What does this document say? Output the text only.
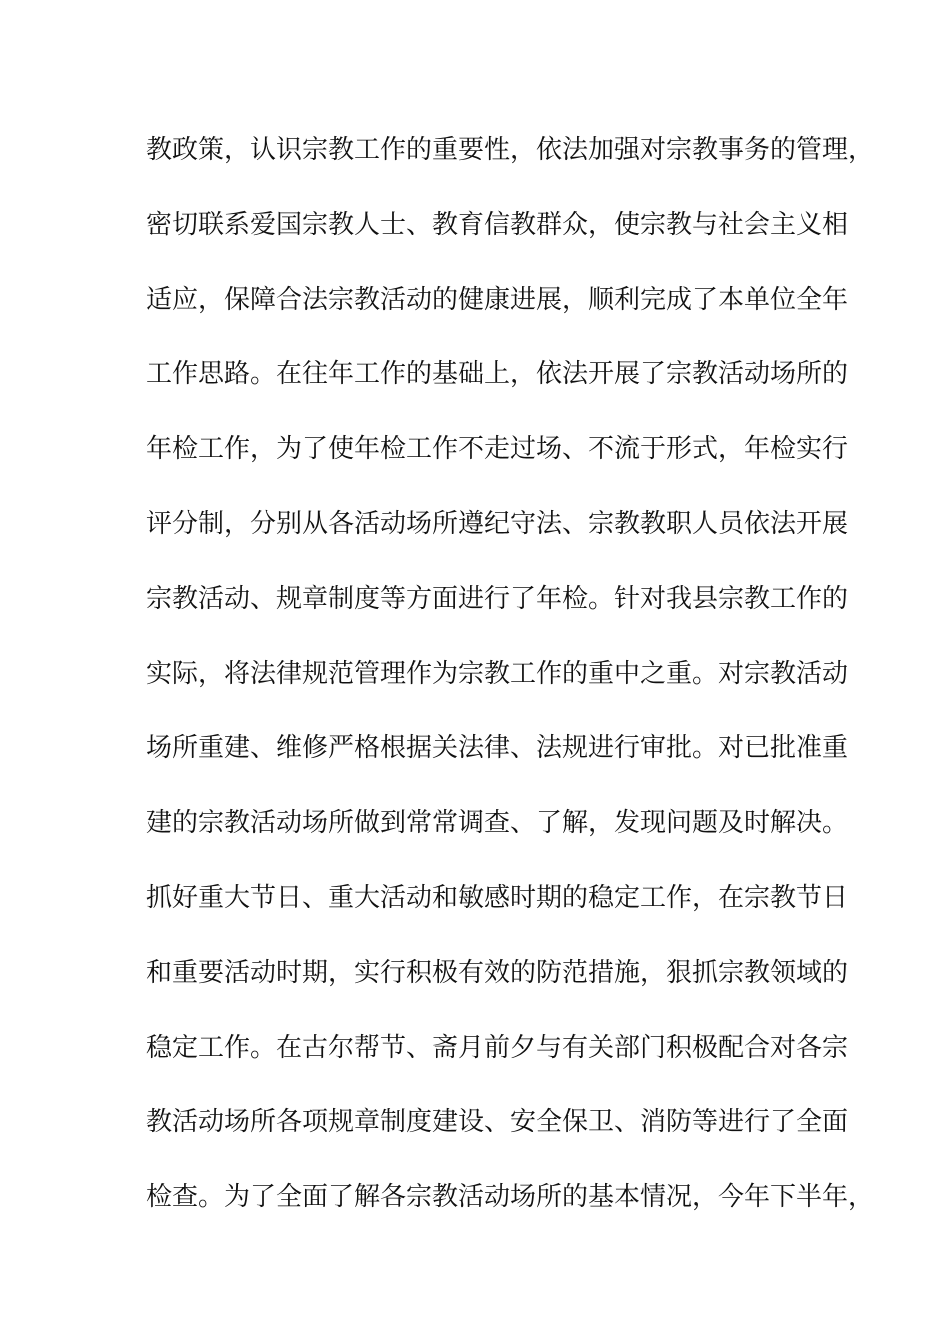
教政策，认识宗教工作的重要性，依法加强对宗教事务的管理，
密切联系爱国宗教人士、教育信教群众，使宗教与社会主义相
适应，保障合法宗教活动的健康进展，顺利完成了本单位全年
工作思路。在往年工作的基础上，依法开展了宗教活动场所的
年检工作，为了使年检工作不走过场、不流于形式，年检实行
评分制，分别从各活动场所遵纪守法、宗教教职人员依法开展
宗教活动、规章制度等方面进行了年检。针对我县宗教工作的
实际，将法律规范管理作为宗教工作的重中之重。对宗教活动
场所重建、维修严格根据关法律、法规进行审批。对已批准重
建的宗教活动场所做到常常调查、了解，发现问题及时解决。
抓好重大节日、重大活动和敏感时期的稳定工作，在宗教节日
和重要活动时期，实行积极有效的防范措施，狠抓宗教领域的
稳定工作。在古尔帮节、斋月前夕与有关部门积极配合对各宗
教活动场所各项规章制度建设、安全保卫、消防等进行了全面
检查。为了全面了解各宗教活动场所的基本情况，今年下半年，
